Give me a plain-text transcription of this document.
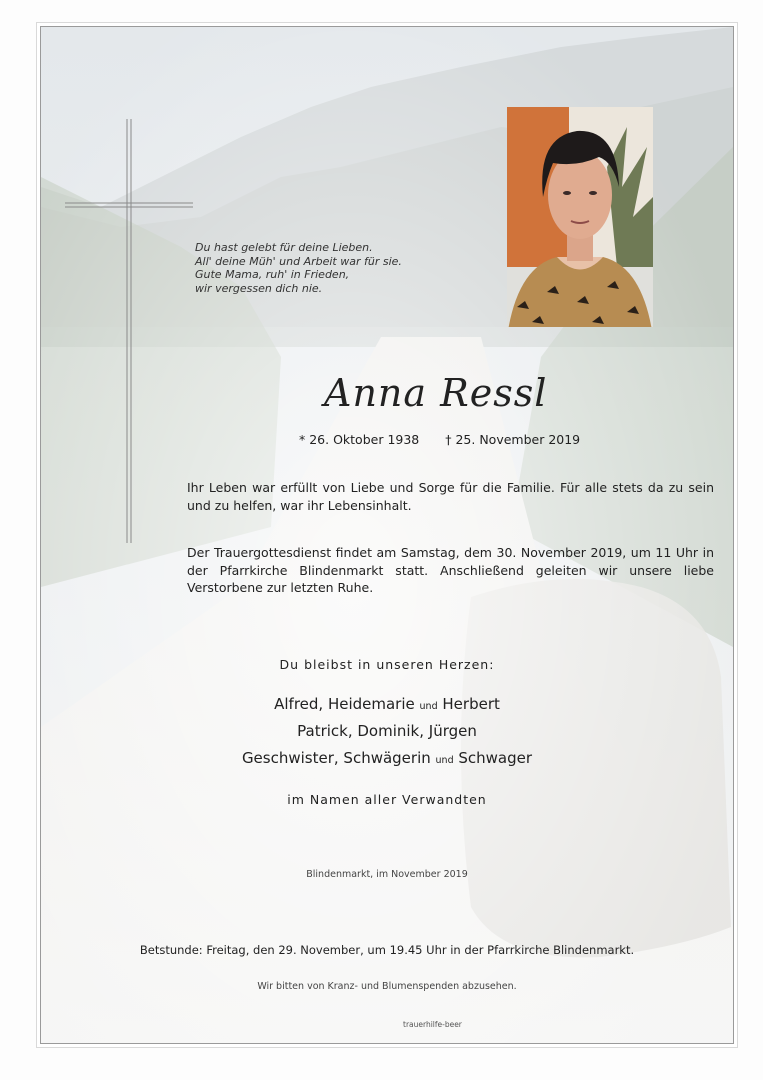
Du hast gelebt für deine Lieben.
All' deine Müh' und Arbeit war für sie.
Gute Mama, ruh' in Frieden,
wir vergessen dich nie.
Anna Ressl
* 26. Oktober 1938 † 25. November 2019
Ihr Leben war erfüllt von Liebe und Sorge für die Familie. Für alle stets da zu sein und zu helfen, war ihr Lebensinhalt.
Der Trauergottesdienst findet am Samstag, dem 30. November 2019, um 11 Uhr in der Pfarrkirche Blindenmarkt statt. Anschließend geleiten wir unsere liebe Verstorbene zur letzten Ruhe.
Du bleibst in unseren Herzen:
Alfred, Heidemarie und Herbert
Patrick, Dominik, Jürgen
Geschwister, Schwägerin und Schwager
im Namen aller Verwandten
Blindenmarkt, im November 2019
Betstunde: Freitag, den 29. November, um 19.45 Uhr in der Pfarrkirche Blindenmarkt.
Wir bitten von Kranz- und Blumenspenden abzusehen.
trauerhilfe-beer
